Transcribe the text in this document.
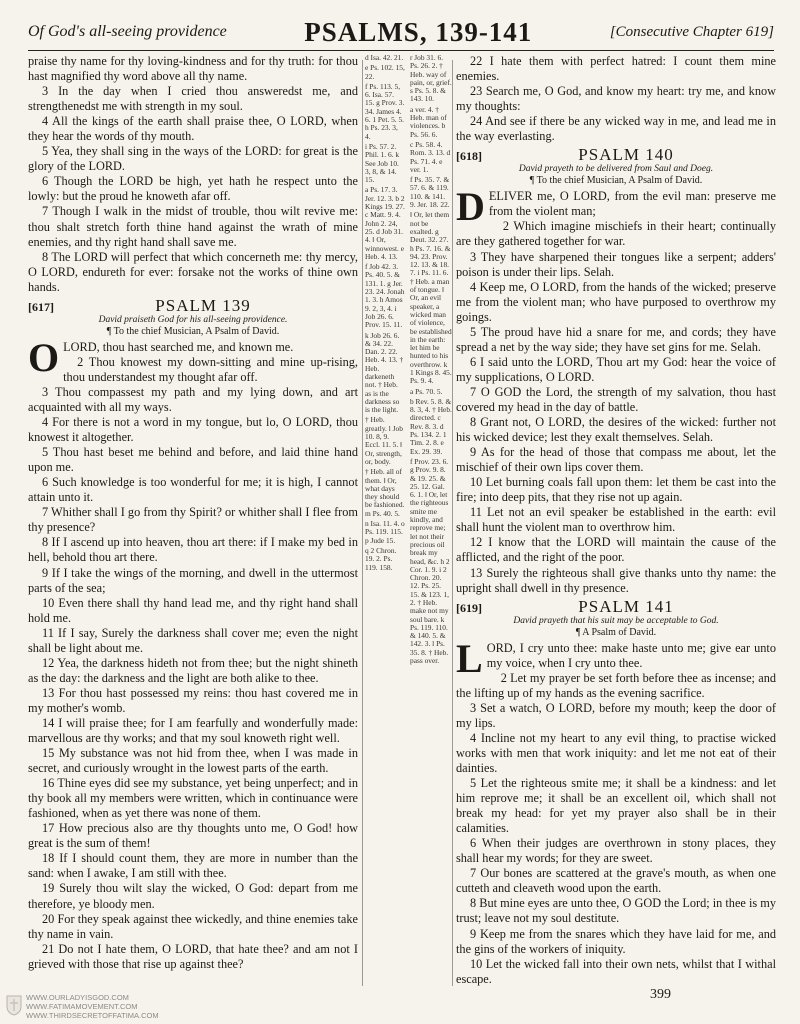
Of God's all-seeing providence	PSALMS, 139-141	[Consecutive Chapter 619]

praise thy name for thy loving-kindness and for thy truth: for thou hast magnified thy word above all thy name.

3 In the day when I cried thou answeredst me, and strengthenedst me with strength in my soul.

4 All the kings of the earth shall praise thee, O LORD, when they hear the words of thy mouth.

5 Yea, they shall sing in the ways of the LORD: for great is the glory of the LORD.

6 Though the LORD be high, yet hath he respect unto the lowly: but the proud he knoweth afar off.

7 Though I walk in the midst of trouble, thou wilt revive me: thou shalt stretch forth thine hand against the wrath of mine enemies, and thy right hand shall save me.

8 The LORD will perfect that which concerneth me: thy mercy, O LORD, endureth for ever: forsake not the works of thine own hands.

[617]	PSALM 139

David praiseth God for his all-seeing providence.

¶ To the chief Musician, A Psalm of David.

OLORD, thou hast searched me, and known me.

2 Thou knowest my down-sitting and mine up-rising, thou understandest my thought afar off.

3 Thou compassest my path and my lying down, and art acquainted with all my ways.

4 For there is not a word in my tongue, but lo, O LORD, thou knowest it altogether.

5 Thou hast beset me behind and before, and laid thine hand upon me.

6 Such knowledge is too wonderful for me; it is high, I cannot attain unto it.

7 Whither shall I go from thy Spirit? or whither shall I flee from thy presence?

8 If I ascend up into heaven, thou art there: if I make my bed in hell, behold thou art there.

9 If I take the wings of the morning, and dwell in the uttermost parts of the sea;

10 Even there shall thy hand lead me, and thy right hand shall hold me.

11 If I say, Surely the darkness shall cover me; even the night shall be light about me.

12 Yea, the darkness hideth not from thee; but the night shineth as the day: the darkness and the light are both alike to thee.

13 For thou hast possessed my reins: thou hast covered me in my mother's womb.

14 I will praise thee; for I am fearfully and wonderfully made: marvellous are thy works; and that my soul knoweth right well.

15 My substance was not hid from thee, when I was made in secret, and curiously wrought in the lowest parts of the earth.

16 Thine eyes did see my substance, yet being unperfect; and in thy book all my members were written, which in continuance were fashioned, when as yet there was none of them.

17 How precious also are thy thoughts unto me, O God! how great is the sum of them!

18 If I should count them, they are more in number than the sand: when I awake, I am still with thee.

19 Surely thou wilt slay the wicked, O God: depart from me therefore, ye bloody men.

20 For they speak against thee wickedly, and thine enemies take thy name in vain.

21 Do not I hate them, O LORD, that hate thee? and am not I grieved with those that rise up against thee?

d Isa. 42. 21.
e Ps. 102. 15, 22.
f Ps. 113. 5, 6. Isa. 57. 15. g Prov. 3. 34. James 4. 6. 1 Pet. 5. 5. h Ps. 23. 3, 4.
i Ps. 57. 2. Phil. 1. 6. k See Job 10. 3, 8, & 14. 15.
a Ps. 17. 3. Jer. 12. 3. b 2 Kings 19. 27. c Matt. 9. 4. John 2. 24, 25. d Job 31. 4. ‖ Or, winnowest. e Heb. 4. 13.
f Job 42. 3. Ps. 40. 5. & 131. 1. g Jer. 23. 24. Jonah 1. 3. h Amos 9. 2, 3, 4. i Job 26. 6. Prov. 15. 11.
k Job 26. 6. & 34. 22. Dan. 2. 22. Heb. 4. 13. † Heb. darkeneth not. † Heb. as is the darkness so is the light.
† Heb. greatly. l Job 10. 8, 9. Eccl. 11. 5. ‖ Or, strength, or, body.
† Heb. all of them. ‖ Or, what days they should be fashioned. m Ps. 40. 5.
n Isa. 11. 4. o Ps. 119. 115. p Jude 15.
q 2 Chron. 19. 2. Ps. 119. 158.
r Job 31. 6. Ps. 26. 2. † Heb. way of pain, or, grief. s Ps. 5. 8. & 143. 10.
a ver. 4. † Heb. man of violences. b Ps. 56. 6.
c Ps. 58. 4. Rom. 3. 13. d Ps. 71. 4. e ver. 1.
f Ps. 35. 7. & 57. 6. & 119. 110. & 141. 9. Jer. 18. 22.
‖ Or, let them not be exalted. g Deut. 32. 27. h Ps. 7. 16. & 94. 23. Prov. 12. 13. & 18. 7. i Ps. 11. 6. † Heb. a man of tongue. ‖ Or, an evil speaker, a wicked man of violence, be established in the earth: let him be hunted to his overthrow. k 1 Kings 8. 45. Ps. 9. 4.
a Ps. 70. 5.
b Rev. 5. 8. & 8. 3, 4. † Heb. directed. c Rev. 8. 3. d Ps. 134. 2. 1 Tim. 2. 8. e Ex. 29. 39.
f Prov. 23. 6. g Prov. 9. 8. & 19. 25. & 25. 12. Gal. 6. 1. ‖ Or, let the righteous smite me kindly, and reprove me; let not their precious oil break my head, &c. h 2 Cor. 1. 9. i 2 Chron. 20. 12. Ps. 25. 15. & 123. 1, 2. † Heb. make not my soul bare. k Ps. 119. 110. & 140. 5. & 142. 3. l Ps. 35. 8. † Heb. pass over.

22 I hate them with perfect hatred: I count them mine enemies.

23 Search me, O God, and know my heart: try me, and know my thoughts:

24 And see if there be any wicked way in me, and lead me in the way everlasting.

[618]	PSALM 140

David prayeth to be delivered from Saul and Doeg.

¶ To the chief Musician, A Psalm of David.

DELIVER me, O LORD, from the evil man: preserve me from the violent man;

2 Which imagine mischiefs in their heart; continually are they gathered together for war.

3 They have sharpened their tongues like a serpent; adders' poison is under their lips. Selah.

4 Keep me, O LORD, from the hands of the wicked; preserve me from the violent man; who have purposed to overthrow my goings.

5 The proud have hid a snare for me, and cords; they have spread a net by the way side; they have set gins for me. Selah.

6 I said unto the LORD, Thou art my God: hear the voice of my supplications, O LORD.

7 O GOD the Lord, the strength of my salvation, thou hast covered my head in the day of battle.

8 Grant not, O LORD, the desires of the wicked: further not his wicked device; lest they exalt themselves. Selah.

9 As for the head of those that compass me about, let the mischief of their own lips cover them.

10 Let burning coals fall upon them: let them be cast into the fire; into deep pits, that they rise not up again.

11 Let not an evil speaker be established in the earth: evil shall hunt the violent man to overthrow him.

12 I know that the LORD will maintain the cause of the afflicted, and the right of the poor.

13 Surely the righteous shall give thanks unto thy name: the upright shall dwell in thy presence.

[619]	PSALM 141

David prayeth that his suit may be acceptable to God.

¶ A Psalm of David.

LORD, I cry unto thee: make haste unto me; give ear unto my voice, when I cry unto thee.

2 Let my prayer be set forth before thee as incense; and the lifting up of my hands as the evening sacrifice.

3 Set a watch, O LORD, before my mouth; keep the door of my lips.

4 Incline not my heart to any evil thing, to practise wicked works with men that work iniquity: and let me not eat of their dainties.

5 Let the righteous smite me; it shall be a kindness: and let him reprove me; it shall be an excellent oil, which shall not break my head: for yet my prayer also shall be in their calamities.

6 When their judges are overthrown in stony places, they shall hear my words; for they are sweet.

7 Our bones are scattered at the grave's mouth, as when one cutteth and cleaveth wood upon the earth.

8 But mine eyes are unto thee, O GOD the Lord; in thee is my trust; leave not my soul destitute.

9 Keep me from the snares which they have laid for me, and the gins of the workers of iniquity.

10 Let the wicked fall into their own nets, whilst that I withal escape.

399
WWW.OURLADYISGOD.COM
WWW.FATIMAMOVEMENT.COM
WWW.THIRDSECRETOFFATIMA.COM
